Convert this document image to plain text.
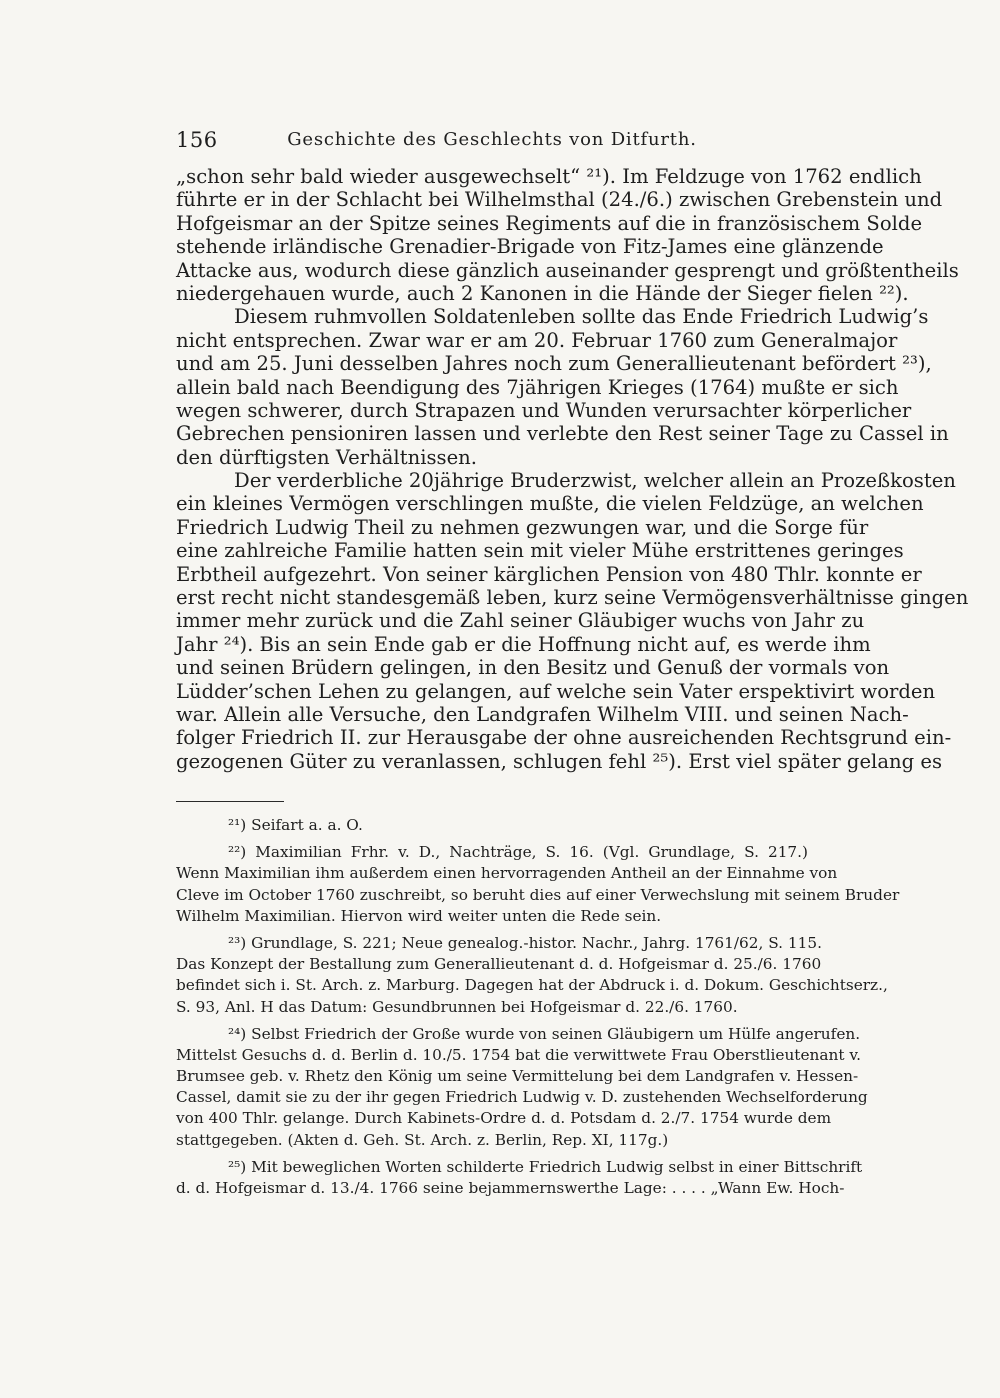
156	Geschichte des Geschlechts von Ditfurth.
„schon sehr bald wieder ausgewechselt“ ²¹). Im Feldzuge von 1762 endlich
führte er in der Schlacht bei Wilhelmsthal (24./6.) zwischen Grebenstein und
Hofgeismar an der Spitze seines Regiments auf die in französischem Solde
stehende irländische Grenadier-Brigade von Fitz-James eine glänzende
Attacke aus, wodurch diese gänzlich auseinander gesprengt und größtentheils
niedergehauen wurde, auch 2 Kanonen in die Hände der Sieger fielen ²²).
Diesem ruhmvollen Soldatenleben sollte das Ende Friedrich Ludwig’s
nicht entsprechen. Zwar war er am 20. Februar 1760 zum Generalmajor
und am 25. Juni desselben Jahres noch zum Generallieutenant befördert ²³),
allein bald nach Beendigung des 7jährigen Krieges (1764) mußte er sich
wegen schwerer, durch Strapazen und Wunden verursachter körperlicher
Gebrechen pensioniren lassen und verlebte den Rest seiner Tage zu Cassel in
den dürftigsten Verhältnissen.
Der verderbliche 20jährige Bruderzwist, welcher allein an Prozeßkosten
ein kleines Vermögen verschlingen mußte, die vielen Feldzüge, an welchen
Friedrich Ludwig Theil zu nehmen gezwungen war, und die Sorge für
eine zahlreiche Familie hatten sein mit vieler Mühe erstrittenes geringes
Erbtheil aufgezehrt. Von seiner kärglichen Pension von 480 Thlr. konnte er
erst recht nicht standesgemäß leben, kurz seine Vermögensverhältnisse gingen
immer mehr zurück und die Zahl seiner Gläubiger wuchs von Jahr zu
Jahr ²⁴). Bis an sein Ende gab er die Hoffnung nicht auf, es werde ihm
und seinen Brüdern gelingen, in den Besitz und Genuß der vormals von
Lüdder’schen Lehen zu gelangen, auf welche sein Vater erspektivirt worden
war. Allein alle Versuche, den Landgrafen Wilhelm VIII. und seinen Nach-
folger Friedrich II. zur Herausgabe der ohne ausreichenden Rechtsgrund ein-
gezogenen Güter zu veranlassen, schlugen fehl ²⁵). Erst viel später gelang es
²¹) Seifart a. a. O.
²²) Maximilian Frhr. v. D., Nachträge, S. 16. (Vgl. Grundlage, S. 217.)
Wenn Maximilian ihm außerdem einen hervorragenden Antheil an der Einnahme von
Cleve im October 1760 zuschreibt, so beruht dies auf einer Verwechslung mit seinem Bruder
Wilhelm Maximilian. Hiervon wird weiter unten die Rede sein.
²³) Grundlage, S. 221; Neue genealog.-histor. Nachr., Jahrg. 1761/62, S. 115.
Das Konzept der Bestallung zum Generallieutenant d. d. Hofgeismar d. 25./6. 1760
befindet sich i. St. Arch. z. Marburg. Dagegen hat der Abdruck i. d. Dokum. Geschichtserz.,
S. 93, Anl. H das Datum: Gesundbrunnen bei Hofgeismar d. 22./6. 1760.
²⁴) Selbst Friedrich der Große wurde von seinen Gläubigern um Hülfe angerufen.
Mittelst Gesuchs d. d. Berlin d. 10./5. 1754 bat die verwittwete Frau Oberstlieutenant v.
Brumsee geb. v. Rhetz den König um seine Vermittelung bei dem Landgrafen v. Hessen-
Cassel, damit sie zu der ihr gegen Friedrich Ludwig v. D. zustehenden Wechselforderung
von 400 Thlr. gelange. Durch Kabinets-Ordre d. d. Potsdam d. 2./7. 1754 wurde dem
stattgegeben. (Akten d. Geh. St. Arch. z. Berlin, Rep. XI, 117g.)
²⁵) Mit beweglichen Worten schilderte Friedrich Ludwig selbst in einer Bittschrift
d. d. Hofgeismar d. 13./4. 1766 seine bejammernswerthe Lage: . . . . „Wann Ew. Hoch-
